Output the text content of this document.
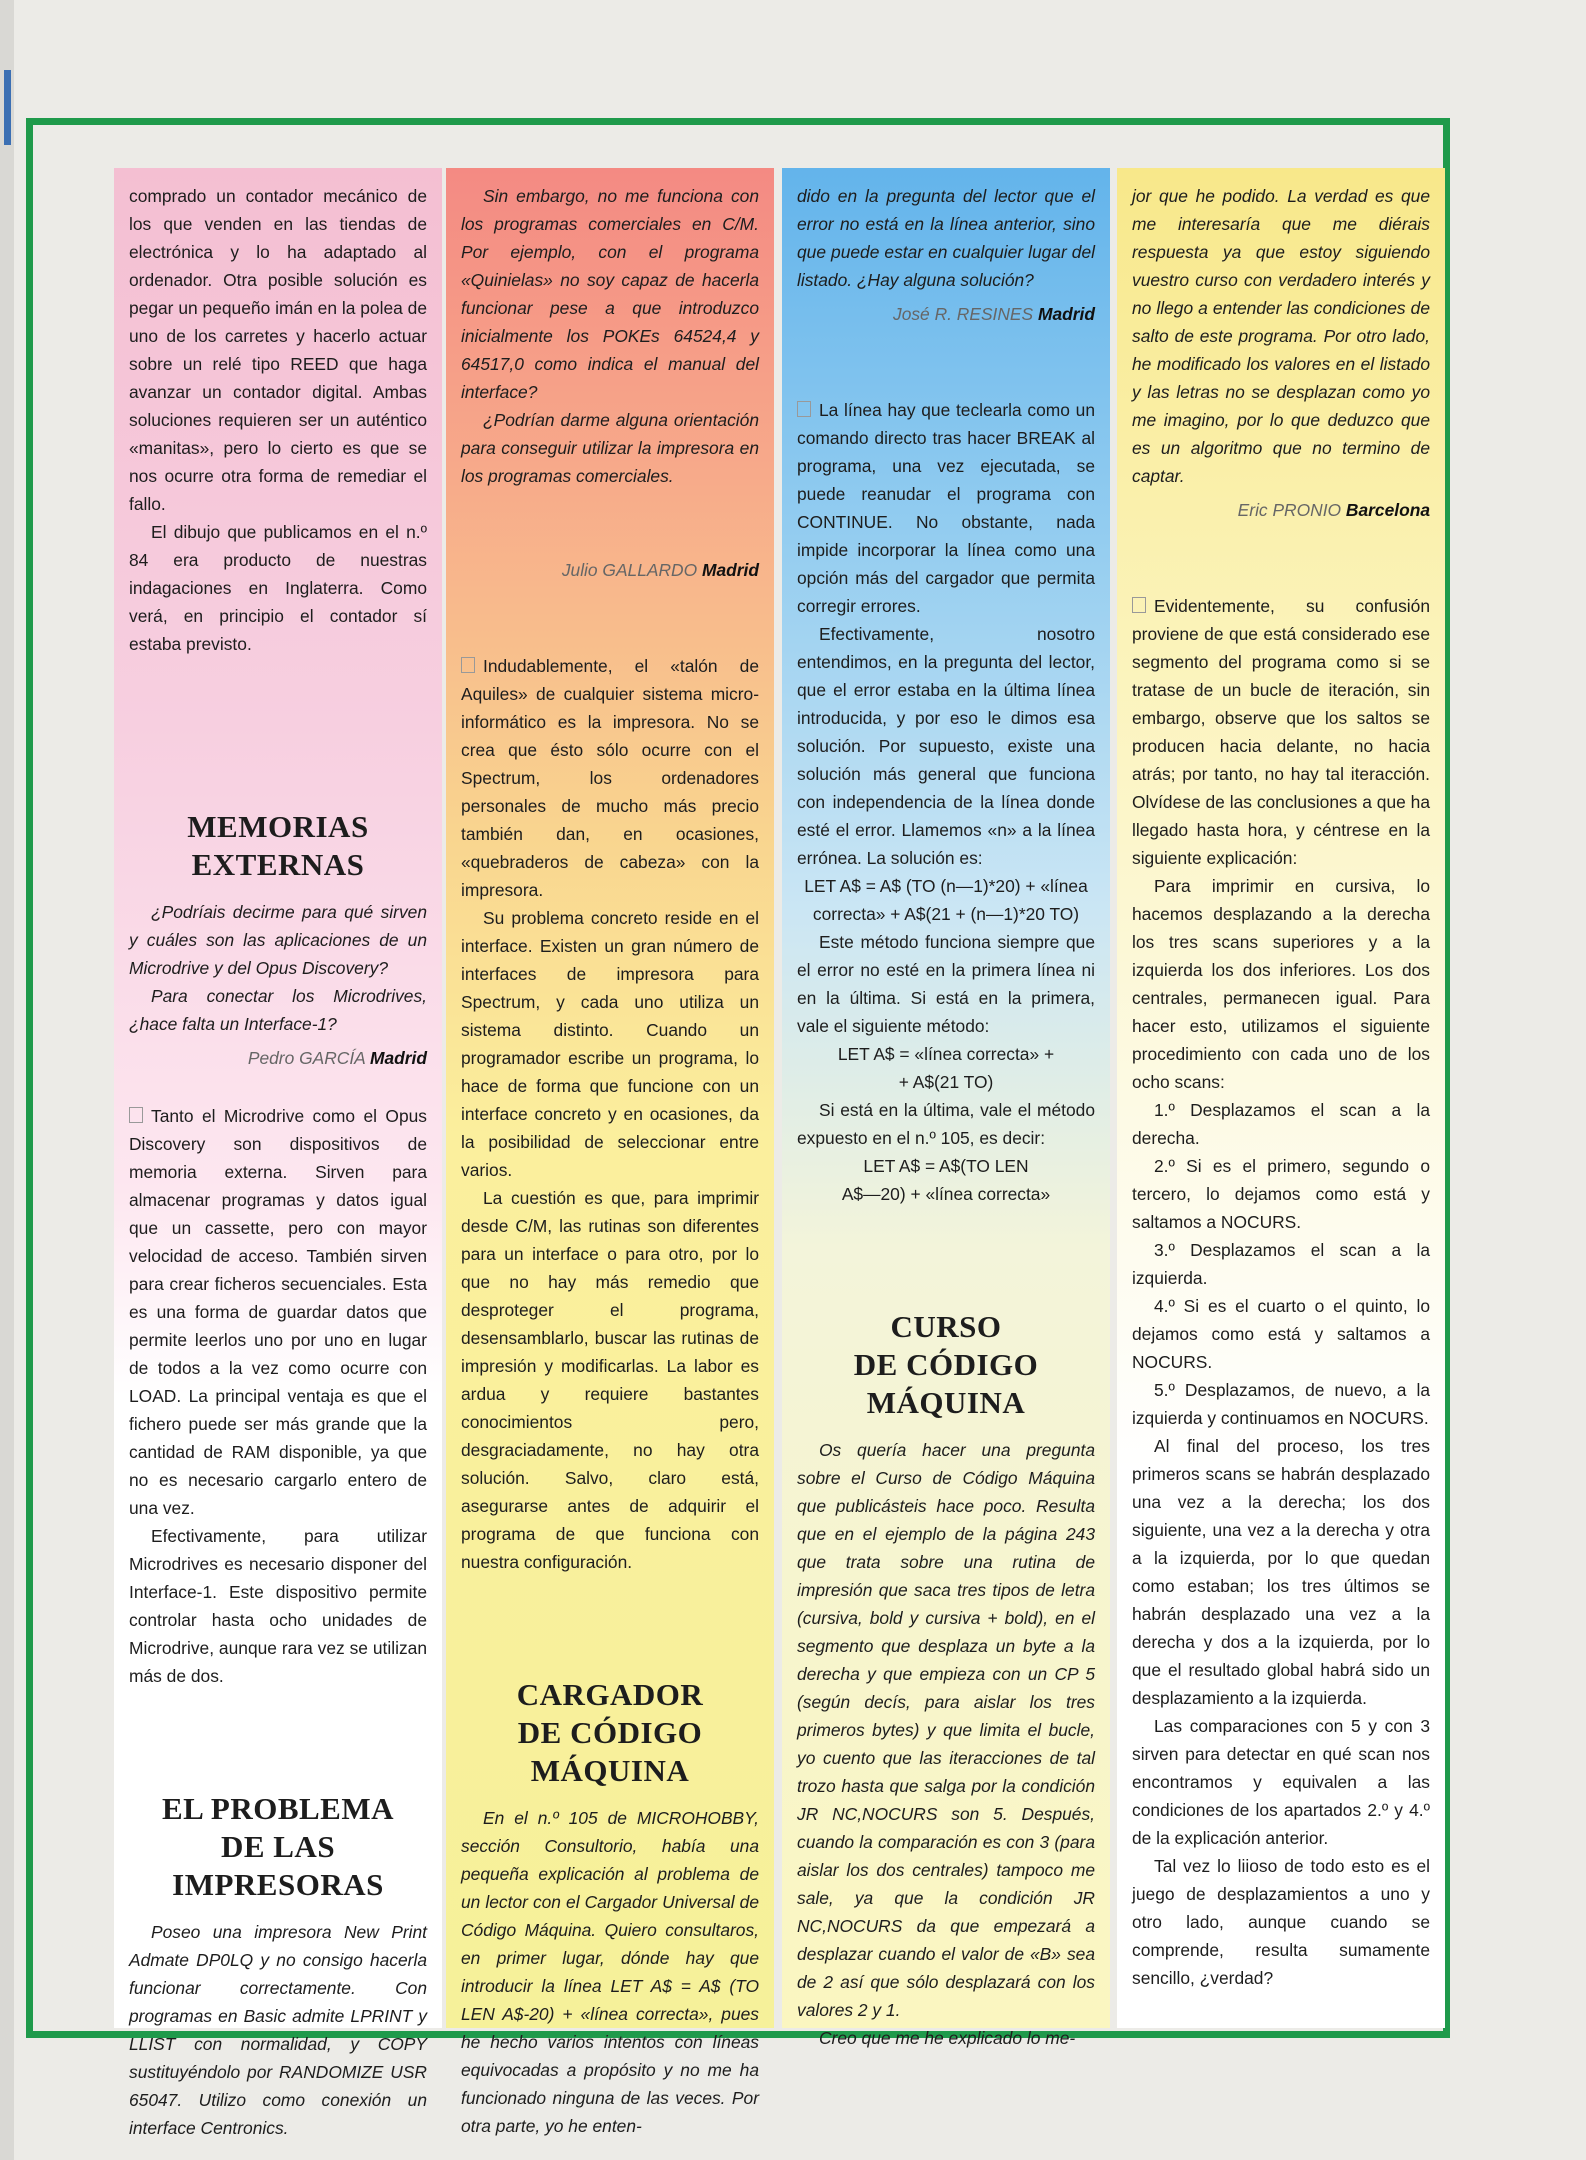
comprado un contador mecánico de los que venden en las tiendas de electrónica y lo ha adaptado al ordenador. Otra posible solución es pegar un pequeño imán en la polea de uno de los carretes y hacerlo actuar sobre un relé tipo REED que haga avanzar un contador digital. Ambas soluciones requieren ser un auténtico «manitas», pero lo cierto es que se nos ocurre otra forma de remediar el fallo.

El dibujo que publicamos en el n.º 84 era producto de nuestras indagaciones en Inglaterra. Como verá, en principio el contador sí estaba previsto.

MEMORIAS
EXTERNAS

¿Podríais decirme para qué sirven y cuáles son las aplicaciones de un Microdrive y del Opus Discovery?

Para conectar los Microdrives, ¿hace falta un Interface-1?

Pedro GARCÍA Madrid

Tanto el Microdrive como el Opus Discovery son dispositivos de memoria externa. Sirven para almacenar programas y datos igual que un cassette, pero con mayor velocidad de acceso. También sirven para crear ficheros secuenciales. Esta es una forma de guardar datos que permite leerlos uno por uno en lugar de todos a la vez como ocurre con LOAD. La principal ventaja es que el fichero puede ser más grande que la cantidad de RAM disponible, ya que no es necesario cargarlo entero de una vez.

Efectivamente, para utilizar Microdrives es necesario disponer del Interface-1. Este dispositivo permite controlar hasta ocho unidades de Microdrive, aunque rara vez se utilizan más de dos.

EL PROBLEMA
DE LAS IMPRESORAS

Poseo una impresora New Print Admate DP0LQ y no consigo hacerla funcionar correctamente. Con programas en Basic admite LPRINT y LLIST con normalidad, y COPY sustituyéndolo por RANDOMIZE USR 65047. Utilizo como conexión un interface Centronics.

Sin embargo, no me funciona con los programas comerciales en C/M. Por ejemplo, con el programa «Quinielas» no soy capaz de hacerla funcionar pese a que introduzco inicialmente los POKEs 64524,4 y 64517,0 como indica el manual del interface?

¿Podrían darme alguna orientación para conseguir utilizar la impresora en los programas comerciales.

Julio GALLARDO Madrid

Indudablemente, el «talón de Aquiles» de cualquier sistema micro-informático es la impresora. No se crea que ésto sólo ocurre con el Spectrum, los ordenadores personales de mucho más precio también dan, en ocasiones, «quebraderos de cabeza» con la impresora.

Su problema concreto reside en el interface. Existen un gran número de interfaces de impresora para Spectrum, y cada uno utiliza un sistema distinto. Cuando un programador escribe un programa, lo hace de forma que funcione con un interface concreto y en ocasiones, da la posibilidad de seleccionar entre varios.

La cuestión es que, para imprimir desde C/M, las rutinas son diferentes para un interface o para otro, por lo que no hay más remedio que desproteger el programa, desensamblarlo, buscar las rutinas de impresión y modificarlas. La labor es ardua y requiere bastantes conocimientos pero, desgraciadamente, no hay otra solución. Salvo, claro está, asegurarse antes de adquirir el programa de que funciona con nuestra configuración.

CARGADOR
DE CÓDIGO MÁQUINA

En el n.º 105 de MICROHOBBY, sección Consultorio, había una pequeña explicación al problema de un lector con el Cargador Universal de Código Máquina. Quiero consultaros, en primer lugar, dónde hay que introducir la línea LET A$ = A$ (TO LEN A$-20) + «línea correcta», pues he hecho varios intentos con líneas equivocadas a propósito y no me ha funcionado ninguna de las veces. Por otra parte, yo he enten-

dido en la pregunta del lector que el error no está en la línea anterior, sino que puede estar en cualquier lugar del listado. ¿Hay alguna solución?

José R. RESINES Madrid

La línea hay que teclearla como un comando directo tras hacer BREAK al programa, una vez ejecutada, se puede reanudar el programa con CONTINUE. No obstante, nada impide incorporar la línea como una opción más del cargador que permita corregir errores.

Efectivamente, nosotro entendimos, en la pregunta del lector, que el error estaba en la última línea introducida, y por eso le dimos esa solución. Por supuesto, existe una solución más general que funciona con independencia de la línea donde esté el error. Llamemos «n» a la línea errónea. La solución es:

LET A$ = A$ (TO (n—1)*20) + «línea

correcta» + A$(21 + (n—1)*20 TO)

Este método funciona siempre que el error no esté en la primera línea ni en la última. Si está en la primera, vale el siguiente método:

LET A$ = «línea correcta» +

+ A$(21 TO)

Si está en la última, vale el método expuesto en el n.º 105, es decir:

LET A$ = A$(TO LEN

A$—20) + «línea correcta»

CURSO
DE CÓDIGO MÁQUINA

Os quería hacer una pregunta sobre el Curso de Código Máquina que publicásteis hace poco. Resulta que en el ejemplo de la página 243 que trata sobre una rutina de impresión que saca tres tipos de letra (cursiva, bold y cursiva + bold), en el segmento que desplaza un byte a la derecha y que empieza con un CP 5 (según decís, para aislar los tres primeros bytes) y que limita el bucle, yo cuento que las iteracciones de tal trozo hasta que salga por la condición JR NC,NOCURS son 5. Después, cuando la comparación es con 3 (para aislar los dos centrales) tampoco me sale, ya que la condición JR NC,NOCURS da que empezará a desplazar cuando el valor de «B» sea de 2 así que sólo desplazará con los valores 2 y 1.

Creo que me he explicado lo me-

jor que he podido. La verdad es que me interesaría que me diérais respuesta ya que estoy siguiendo vuestro curso con verdadero interés y no llego a entender las condiciones de salto de este programa. Por otro lado, he modificado los valores en el listado y las letras no se desplazan como yo me imagino, por lo que deduzco que es un algoritmo que no termino de captar.

Eric PRONIO Barcelona

Evidentemente, su confusión proviene de que está considerado ese segmento del programa como si se tratase de un bucle de iteración, sin embargo, observe que los saltos se producen hacia delante, no hacia atrás; por tanto, no hay tal iteracción. Olvídese de las conclusiones a que ha llegado hasta hora, y céntrese en la siguiente explicación:

Para imprimir en cursiva, lo hacemos desplazando a la derecha los tres scans superiores y a la izquierda los dos inferiores. Los dos centrales, permanecen igual. Para hacer esto, utilizamos el siguiente procedimiento con cada uno de los ocho scans:

1.º Desplazamos el scan a la derecha.

2.º Si es el primero, segundo o tercero, lo dejamos como está y saltamos a NOCURS.

3.º Desplazamos el scan a la izquierda.

4.º Si es el cuarto o el quinto, lo dejamos como está y saltamos a NOCURS.

5.º Desplazamos, de nuevo, a la izquierda y continuamos en NOCURS.

Al final del proceso, los tres primeros scans se habrán desplazado una vez a la derecha; los dos siguiente, una vez a la derecha y otra a la izquierda, por lo que quedan como estaban; los tres últimos se habrán desplazado una vez a la derecha y dos a la izquierda, por lo que el resultado global habrá sido un desplazamiento a la izquierda.

Las comparaciones con 5 y con 3 sirven para detectar en qué scan nos encontramos y equivalen a las condiciones de los apartados 2.º y 4.º de la explicación anterior.

Tal vez lo liioso de todo esto es el juego de desplazamientos a uno y otro lado, aunque cuando se comprende, resulta sumamente sencillo, ¿verdad?
